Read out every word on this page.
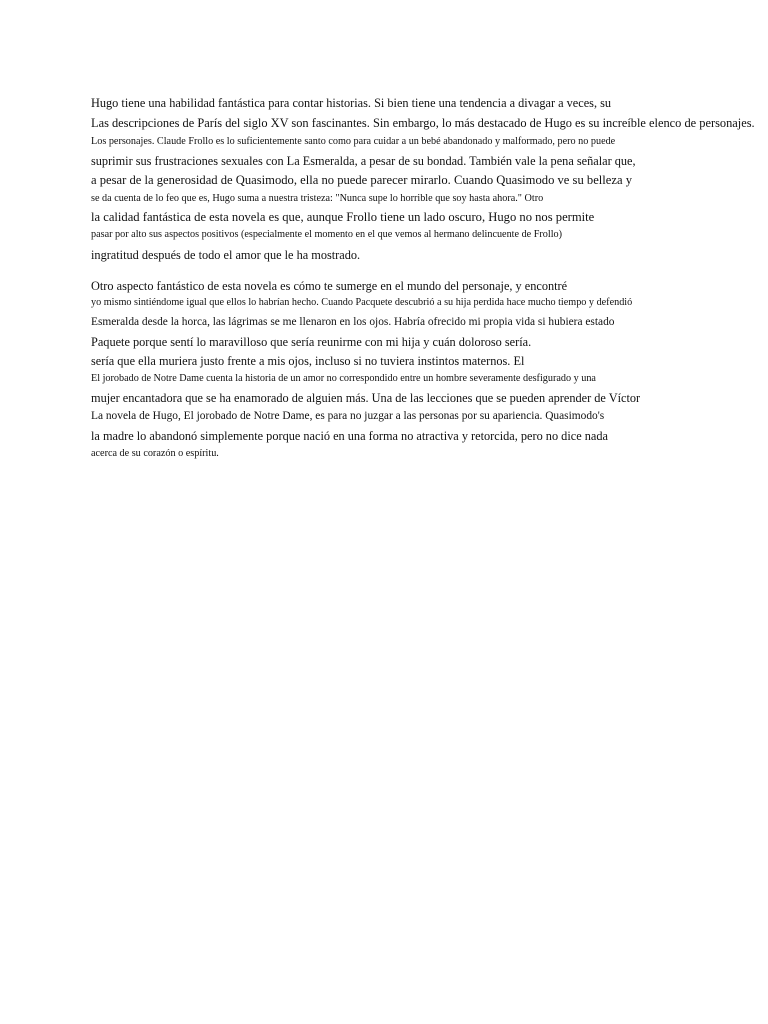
Hugo tiene una habilidad fantástica para contar historias. Si bien tiene una tendencia a divagar a veces, su
Las descripciones de París del siglo XV son fascinantes. Sin embargo, lo más destacado de Hugo es su increíble elenco de personajes.
Los personajes. Claude Frollo es lo suficientemente santo como para cuidar a un bebé abandonado y malformado, pero no puede
suprimir sus frustraciones sexuales con La Esmeralda, a pesar de su bondad. También vale la pena señalar que,
a pesar de la generosidad de Quasimodo, ella no puede parecer mirarlo. Cuando Quasimodo ve su belleza y
se da cuenta de lo feo que es, Hugo suma a nuestra tristeza: "Nunca supe lo horrible que soy hasta ahora." Otro
la calidad fantástica de esta novela es que, aunque Frollo tiene un lado oscuro, Hugo no nos permite
pasar por alto sus aspectos positivos (especialmente el momento en el que vemos al hermano delincuente de Frollo)
ingratitud después de todo el amor que le ha mostrado.
Otro aspecto fantástico de esta novela es cómo te sumerge en el mundo del personaje, y encontré
yo mismo sintiéndome igual que ellos lo habrían hecho. Cuando Pacquete descubrió a su hija perdida hace mucho tiempo y defendió
Esmeralda desde la horca, las lágrimas se me llenaron en los ojos. Habría ofrecido mi propia vida si hubiera estado
Paquete porque sentí lo maravilloso que sería reunirme con mi hija y cuán doloroso sería.
sería que ella muriera justo frente a mis ojos, incluso si no tuviera instintos maternos. El
El jorobado de Notre Dame cuenta la historia de un amor no correspondido entre un hombre severamente desfigurado y una
mujer encantadora que se ha enamorado de alguien más. Una de las lecciones que se pueden aprender de Víctor
La novela de Hugo, El jorobado de Notre Dame, es para no juzgar a las personas por su apariencia. Quasimodo's
la madre lo abandonó simplemente porque nació en una forma no atractiva y retorcida, pero no dice nada
acerca de su corazón o espíritu.
